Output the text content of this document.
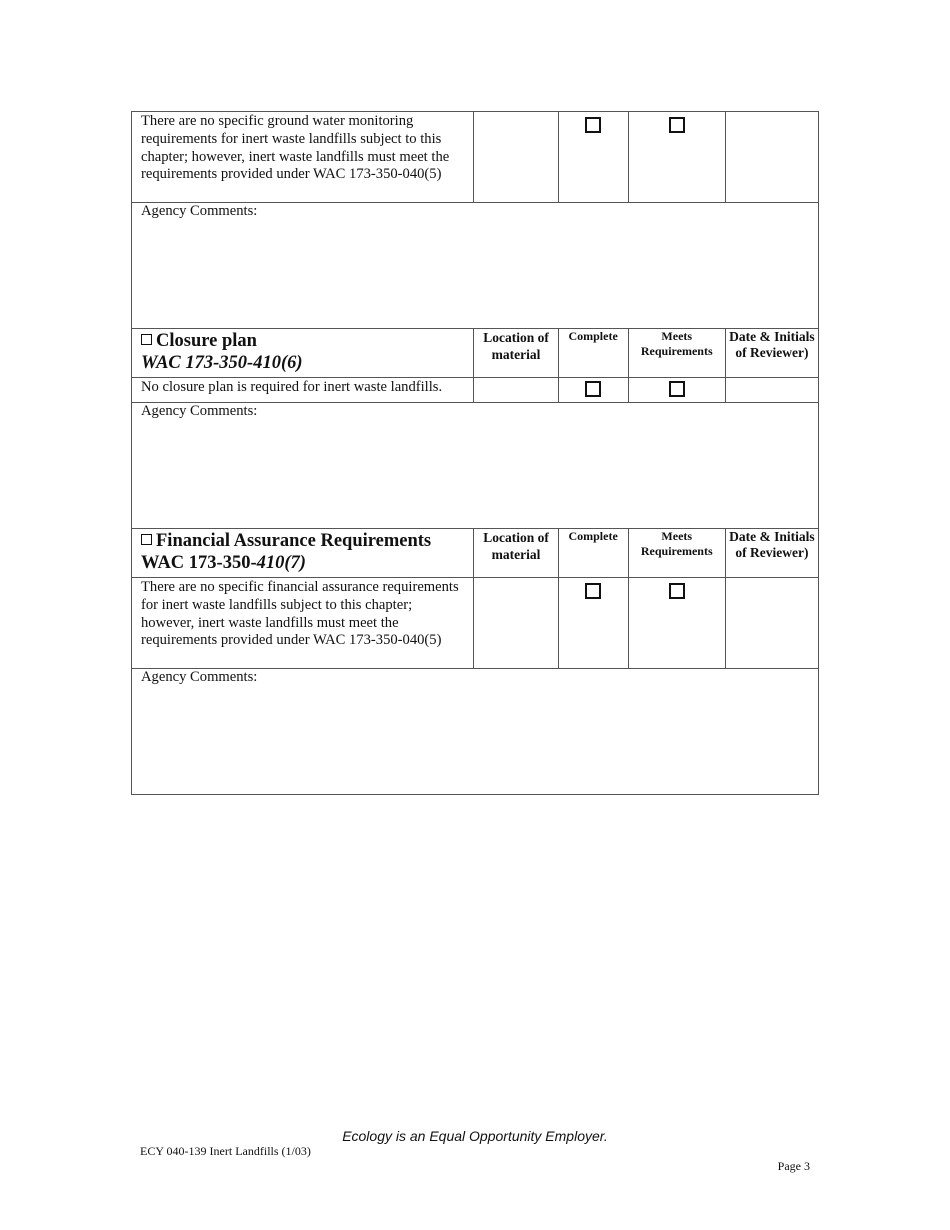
There are no specific ground water monitoring requirements for inert waste landfills subject to this chapter; however, inert waste landfills must meet the requirements provided under WAC 173-350-040(5)				

Agency Comments:				

Closure plan
WAC 173-350-410(6)	Location of material	Complete	Meets Requirements	Date & Initials of Reviewer)

No closure plan is required for inert waste landfills.				

Agency Comments:				

Financial Assurance Requirements
WAC 173-350-410(7)	Location of material	Complete	Meets Requirements	Date & Initials of Reviewer)

There are no specific financial assurance requirements for inert waste landfills subject to this chapter; however, inert waste landfills must meet the requirements provided under WAC 173-350-040(5)				

Agency Comments:				
Ecology is an Equal Opportunity Employer.
ECY 040-139 Inert Landfills (1/03)
Page 3
